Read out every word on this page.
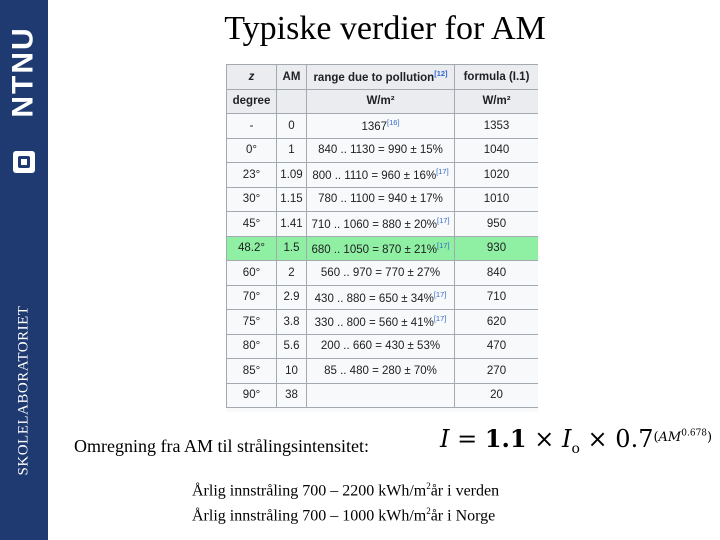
NTNU
SKOLELABORATORIET
Typiske verdier for AM
z	AM	range due to pollution[12]	formula (I.1)
degree		W/m²	W/m²
-	0	1367[16]	1353
0°	1	840 .. 1130 = 990 ± 15%	1040
23°	1.09	800 .. 1110 = 960 ± 16%[17]	1020
30°	1.15	780 .. 1100 = 940 ± 17%	1010
45°	1.41	710 .. 1060 = 880 ± 20%[17]	950
48.2°	1.5	680 .. 1050 = 870 ± 21%[17]	930
60°	2	560 .. 970 = 770 ± 27%	840
70°	2.9	430 .. 880 = 650 ± 34%[17]	710
75°	3.8	330 .. 800 = 560 ± 41%[17]	620
80°	5.6	200 .. 660 = 430 ± 53%	470
85°	10	85 .. 480 = 280 ± 70%	270
90°	38		20
Omregning fra AM til strålingsintensitet:	$I = 1.1 \times I_o \times 0.7^{(AM^{0.678})}$
Årlig innstråling 700 – 2200 kWh/$m^2år$ i verden
Årlig innstråling 700 – 1000 kWh/$m^2år$ i Norge
